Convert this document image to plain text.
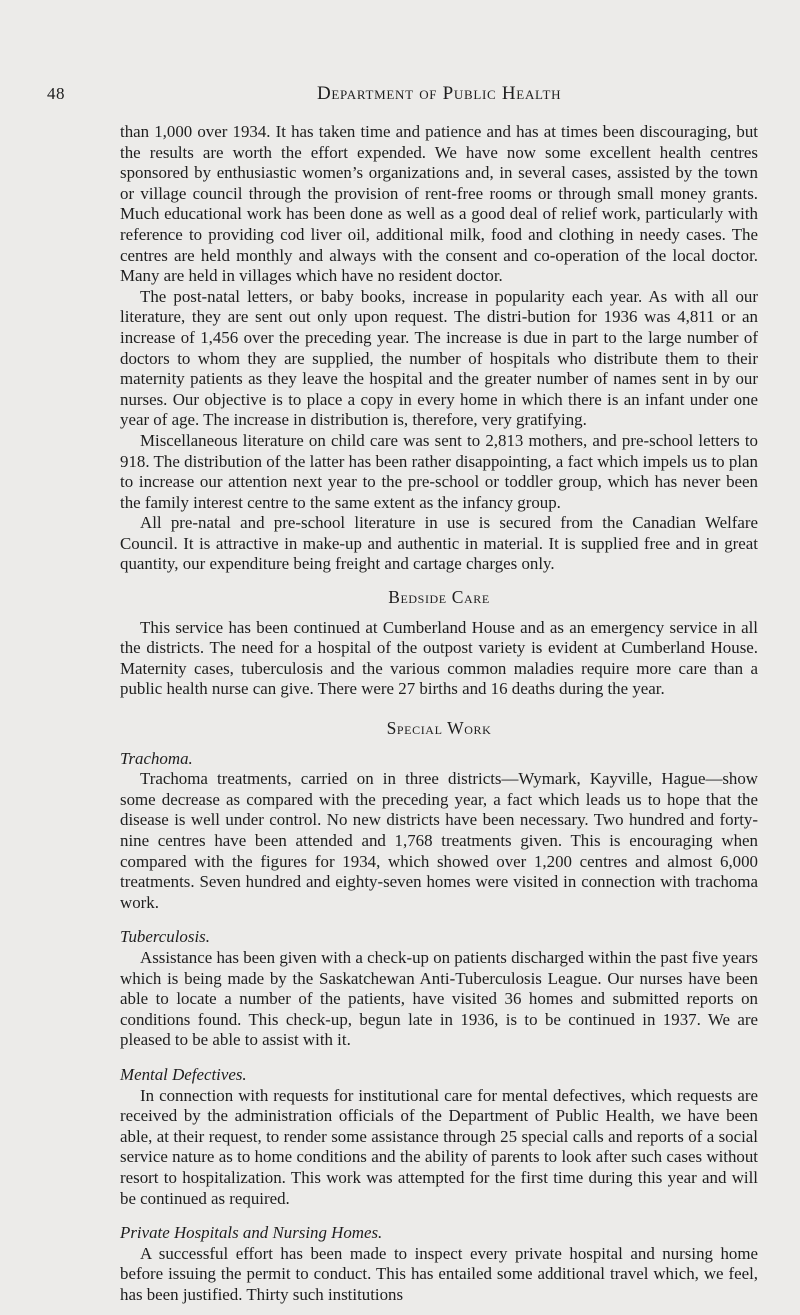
48	Department of Public Health

than 1,000 over 1934. It has taken time and patience and has at times been discouraging, but the results are worth the effort expended. We have now some excellent health centres sponsored by enthusiastic women’s organizations and, in several cases, assisted by the town or village council through the provision of rent-free rooms or through small money grants. Much educational work has been done as well as a good deal of relief work, particularly with reference to providing cod liver oil, additional milk, food and clothing in needy cases. The centres are held monthly and always with the consent and co-operation of the local doctor. Many are held in villages which have no resident doctor.

The post-natal letters, or baby books, increase in popularity each year. As with all our literature, they are sent out only upon request. The distri-bution for 1936 was 4,811 or an increase of 1,456 over the preceding year. The increase is due in part to the large number of doctors to whom they are supplied, the number of hospitals who distribute them to their maternity patients as they leave the hospital and the greater number of names sent in by our nurses. Our objective is to place a copy in every home in which there is an infant under one year of age. The increase in distribution is, therefore, very gratifying.

Miscellaneous literature on child care was sent to 2,813 mothers, and pre-school letters to 918. The distribution of the latter has been rather disappointing, a fact which impels us to plan to increase our attention next year to the pre-school or toddler group, which has never been the family interest centre to the same extent as the infancy group.

All pre-natal and pre-school literature in use is secured from the Canadian Welfare Council. It is attractive in make-up and authentic in material. It is supplied free and in great quantity, our expenditure being freight and cartage charges only.

Bedside Care

This service has been continued at Cumberland House and as an emergency service in all the districts. The need for a hospital of the outpost variety is evident at Cumberland House. Maternity cases, tuberculosis and the various common maladies require more care than a public health nurse can give. There were 27 births and 16 deaths during the year.

Special Work
Trachoma.

Trachoma treatments, carried on in three districts—Wymark, Kayville, Hague—show some decrease as compared with the preceding year, a fact which leads us to hope that the disease is well under control. No new districts have been necessary. Two hundred and forty-nine centres have been attended and 1,768 treatments given. This is encouraging when compared with the figures for 1934, which showed over 1,200 centres and almost 6,000 treatments. Seven hundred and eighty-seven homes were visited in connection with trachoma work.

Tuberculosis.

Assistance has been given with a check-up on patients discharged within the past five years which is being made by the Saskatchewan Anti-Tuberculosis League. Our nurses have been able to locate a number of the patients, have visited 36 homes and submitted reports on conditions found. This check-up, begun late in 1936, is to be continued in 1937. We are pleased to be able to assist with it.

Mental Defectives.

In connection with requests for institutional care for mental defectives, which requests are received by the administration officials of the Department of Public Health, we have been able, at their request, to render some assistance through 25 special calls and reports of a social service nature as to home conditions and the ability of parents to look after such cases without resort to hospitalization. This work was attempted for the first time during this year and will be continued as required.

Private Hospitals and Nursing Homes.

A successful effort has been made to inspect every private hospital and nursing home before issuing the permit to conduct. This has entailed some additional travel which, we feel, has been justified. Thirty such institutions
